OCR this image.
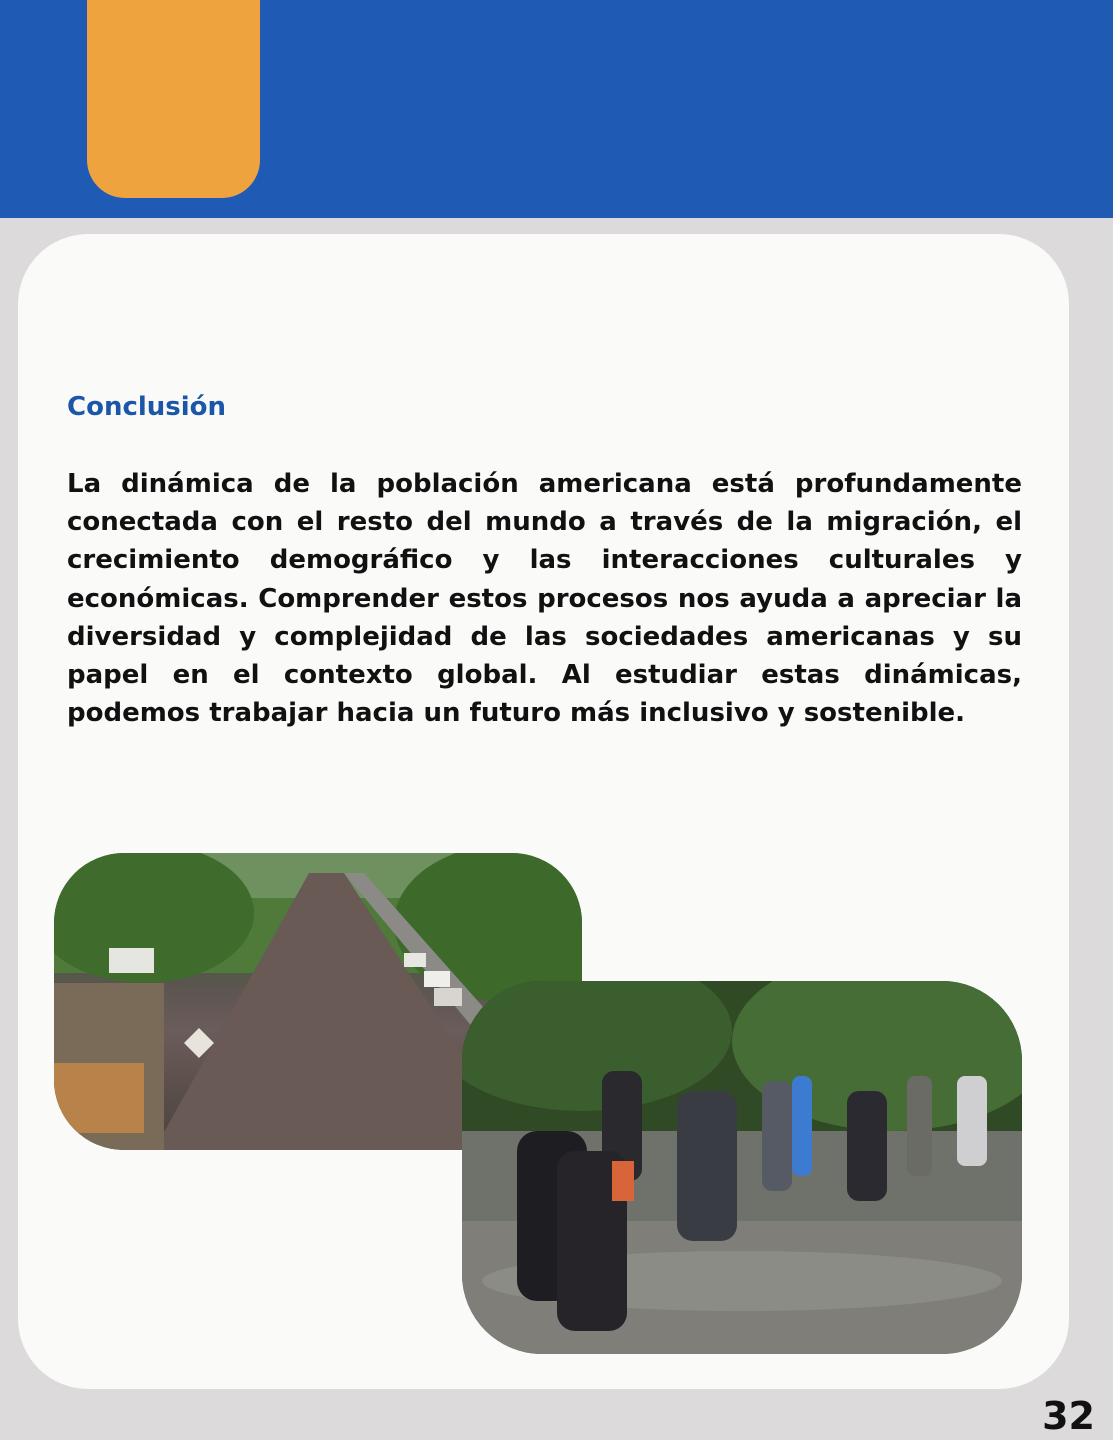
Conclusión

La dinámica de la población americana está profundamente conectada con el resto del mundo a través de la migración, el crecimiento demográfico y las interacciones culturales y económicas. Comprender estos procesos nos ayuda a apreciar la diversidad y complejidad de las sociedades americanas y su papel en el contexto global. Al estudiar estas dinámicas, podemos trabajar hacia un futuro más inclusivo y sostenible.

32
